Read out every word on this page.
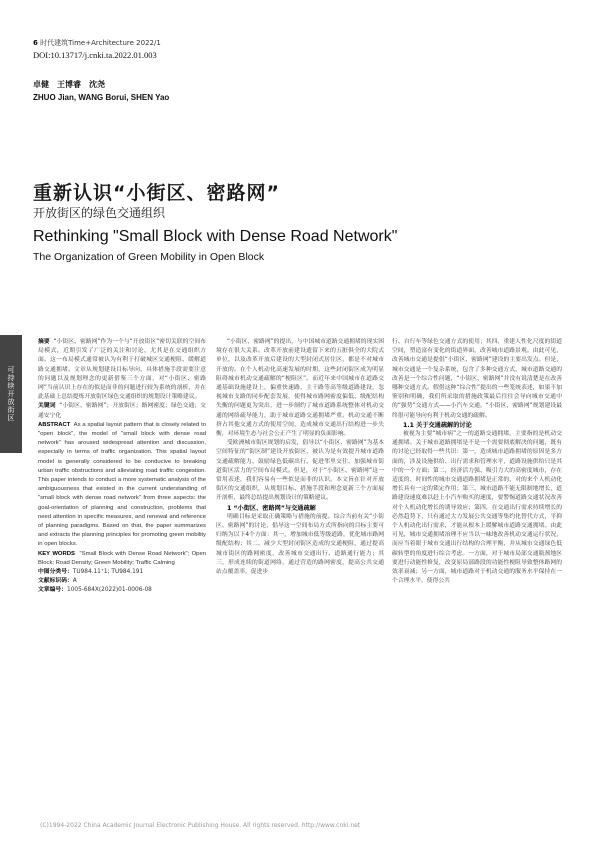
6 时代建筑Time+Architecture 2022/1
DOI:10.13717/j.cnki.ta.2022.01.003
卓健　王博睿　沈尧
ZHUO Jian, WANG Borui, SHEN Yao
重新认识“小街区、密路网”
开放街区的绿色交通组织
Rethinking "Small Block with Dense Road Network"
The Organization of Green Mobility in Open Block
可持续开放街区

摘要 “小街区、密路网”作为一个与“开放街区”密切关联的空间布局模式，近期引发了广泛的关注和讨论，尤其是在交通组织方面。这一布局模式通常被认为有利于打破城区交通梗阻、缓解道路交通拥堵。文章从规划建设目标导向、具体措施手段需要注意的问题以及规划理念的更新借鉴三个方面，对“小街区、密路网”当前认识上存在的似是而非的问题进行较为系统的剖析，并在此基础上总结提炼开放街区绿色交通组织的规划设计策略建议。

关键词 “小街区、密路网”；开放街区；路网密度；绿色交通；交通安宁化

ABSTRACT As a spatial layout pattern that is closely related to "open block", the model of "small block with dense road network" has aroused widespread attention and discussion, especially in terms of traffic organization. This spatial layout model is generally considered to be conducive to breaking urban traffic obstructions and alleviating road traffic congestion. This paper intends to conduct a more systematic analysis of the ambiguousness that existed in the current understanding of "small block with dense road network" from three aspects: the goal-orientation of planning and construction, problems that need attention in specific measures, and renewal and reference of planning paradigms. Based on that, the paper summarizes and extracts the planning principles for promoting green mobility in open blocks.

KEY WORDS "Small Block with Dense Road Network"; Open Block; Road Density; Green Mobility; Traffic Calming

中图分类号：TU984.11⁺1; TU984.191

文献标识码：A

文章编号：1005-684X(2022)01-0006-08

“小街区、密路网”的提出，与中国城市道路交通拥堵的现实困境存在很大关系。改革开放前建设遗留下来的五脏俱全的大院式单位，以及改革开放后建设的大型封闭式居住区，都是不对城市开放的。在个人机动化高速发展的时期，这些封闭街区成为明显阻碍城市机动交通疏解的“梗阻区”。而近年来中国城市在道路交通基础设施建设上，偏重快速路、主干路等高等级道路建设，忽视城市支路的同步配套发展，使得城市路网密度偏低、级配结构失衡的问题更为突出，进一步制约了城市道路系统整体对机动交通的网络疏导能力，助于城市道路交通拥堵严重。机动交通不断挤占其他交通方式的使用空间，造成城市交通出行结构进一步失衡，对环境生态与社会公正产生了明显的负面影响。

受欧洲城市街区规划的启发，倡导以“小街区、密路网”为基本空间特征的“街区制”建设开放街区，被认为是有效提升城市道路交通疏解能力、鼓励绿色低碳出行、促进邻里交往、加强城市街道街区活力的空间布局模式。但是，对于“小街区、密路网”这一常用表述，我们容易有一些似是而非的认识。本文旨在针对开放街区的交通组织，从规划目标、措施手段和理念更新三个方面展开剖析，最终总结提出规划设计的策略建议。

1 “小街区、密路网”与交通疏解

明确目标是采取正确策略与措施的前提。综合当前有关“小街区、密路网”的讨论，倡导这一空间布局方式所指向的目标主要可归纳为以下4个方面：其一，增加城市低等级道路，优化城市路网级配结构；其二，减少大型封闭街区造成的交通梗阻，通过提高城市街区的路网密度，改善城市交通出行、道路通行能力；其三，形成连续的街道网络，通过营造的路网密度，提高公共交通站点覆盖率，促进步

行、自行车等绿色交通方式的使用；其四，重建人性化尺度的街道空间，塑造富有变化的街道界面，改善城市道路景观。由此可见，改善城市交通是提倡“小街区、密路网”建设的主要出发点。但是，城市交通是一个复杂系统，包含了多种交通方式，城市道路交通的改善是一个综合性问题，“小街区、密路网”并没有说清楚是在改善哪种交通方式。假借这种“综合性”提出的一些笼统表述，如果不加鉴别和明确，我们所采取的措施政策最后往往会导向城市交通中的“强势”交通方式——小汽车交通。“小街区、密路网”规划建设最终很可能导向有利于机动交通的疏解。

1.1 关于交通疏解的讨论

被视为主要“城市病”之一的道路交通拥堵，主要指的是机动交通拥堵。关于城市道路拥堵是不是一个需要彻底解决的问题，既有的讨论已经取得一些共识：第一，造成城市道路拥堵的原因是多方面的，涉及设施供给、出行需求和管理水平，道路设施供给只是其中的一个方面；第二，经济活力强、吸引力大的高密度城市，存在适度的、时间性的城市交通道路拥堵是正常的，对的来个人机动化增长具有一定的锁定作用；第三，城市道路不能无限制地增长，道路建设速度难以赶上小汽车购买的速度，要警惕道路交通状况改善对个人机动化增长的诱导效应；第四，在交通出行需求持续增长的必然趋势下，只有通过大力发展公共交通等集约化替代方式，平抑个人机动化出行需求，才能从根本上缓解城市道路交通拥堵。由此可见，城市交通拥堵治理不应当以一味地改善机动交通运行状况，而应当着眼于城市交通出行结构的合理平衡，并从城市交通绿色低碳转型的角度进行综合考虑。一方面，对于城市局部交通瓶颈地区要进行动能性修复，改变原局部路段的功能性梗阻导致整体路网的效率衰减；另一方面，城市道路对于机动交通的服务水平保持在一个合理水平，使得公共

(C)1994-2022 China Academic Journal Electronic Publishing House. All rights reserved. http://www.cnki.net
